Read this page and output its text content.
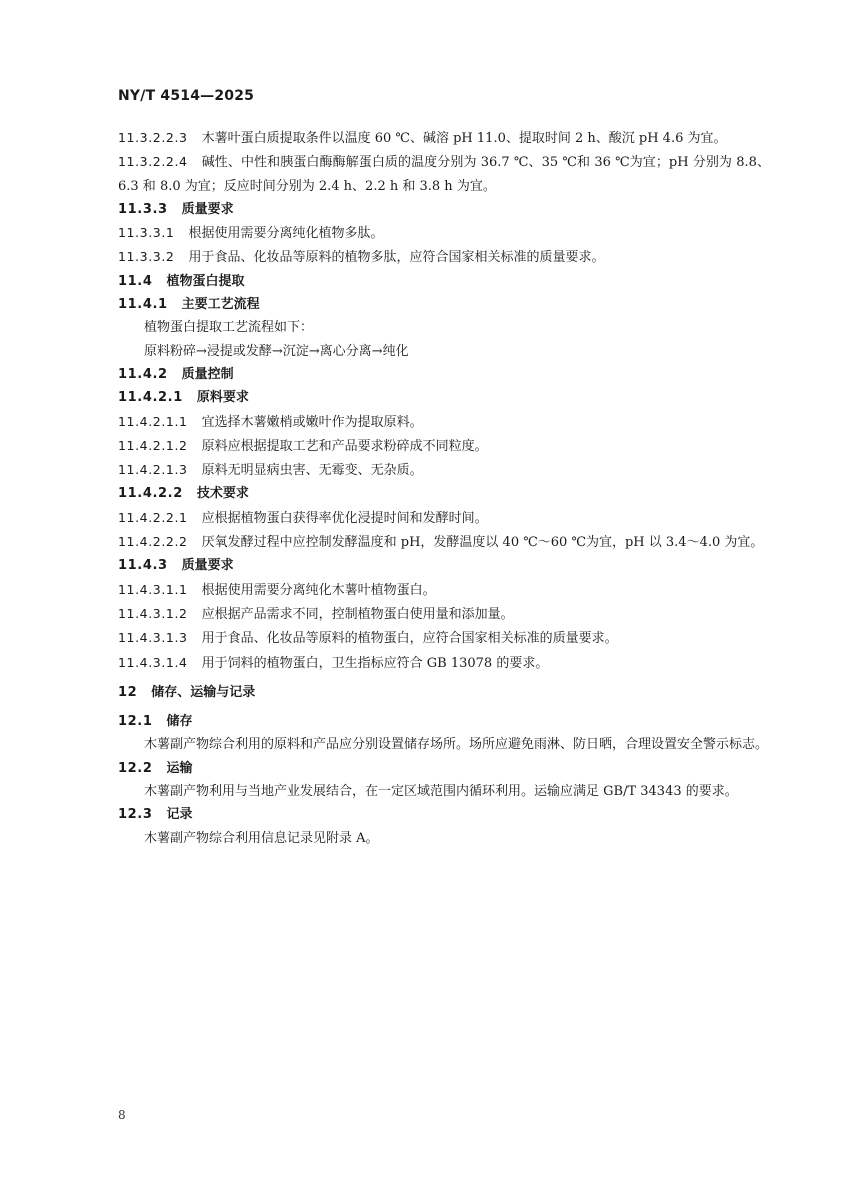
NY/T 4514—2025
11.3.2.2.3 木薯叶蛋白质提取条件以温度 60 ℃、碱溶 pH 11.0、提取时间 2 h、酸沉 pH 4.6 为宜。
11.3.2.2.4 碱性、中性和胰蛋白酶酶解蛋白质的温度分别为 36.7 ℃、35 ℃和 36 ℃为宜；pH 分别为 8.8、6.3 和 8.0 为宜；反应时间分别为 2.4 h、2.2 h 和 3.8 h 为宜。
11.3.3 质量要求
11.3.3.1 根据使用需要分离纯化植物多肽。
11.3.3.2 用于食品、化妆品等原料的植物多肽，应符合国家相关标准的质量要求。
11.4 植物蛋白提取
11.4.1 主要工艺流程
植物蛋白提取工艺流程如下：
原料粉碎→浸提或发酵→沉淀→离心分离→纯化
11.4.2 质量控制
11.4.2.1 原料要求
11.4.2.1.1 宜选择木薯嫩梢或嫩叶作为提取原料。
11.4.2.1.2 原料应根据提取工艺和产品要求粉碎成不同粒度。
11.4.2.1.3 原料无明显病虫害、无霉变、无杂质。
11.4.2.2 技术要求
11.4.2.2.1 应根据植物蛋白获得率优化浸提时间和发酵时间。
11.4.2.2.2 厌氧发酵过程中应控制发酵温度和 pH，发酵温度以 40 ℃～60 ℃为宜，pH 以 3.4～4.0 为宜。
11.4.3 质量要求
11.4.3.1.1 根据使用需要分离纯化木薯叶植物蛋白。
11.4.3.1.2 应根据产品需求不同，控制植物蛋白使用量和添加量。
11.4.3.1.3 用于食品、化妆品等原料的植物蛋白，应符合国家相关标准的质量要求。
11.4.3.1.4 用于饲料的植物蛋白，卫生指标应符合 GB 13078 的要求。
12 储存、运输与记录
12.1 储存
木薯副产物综合利用的原料和产品应分别设置储存场所。场所应避免雨淋、防日晒，合理设置安全警示标志。
12.2 运输
木薯副产物利用与当地产业发展结合，在一定区域范围内循环利用。运输应满足 GB/T 34343 的要求。
12.3 记录
木薯副产物综合利用信息记录见附录 A。
8
